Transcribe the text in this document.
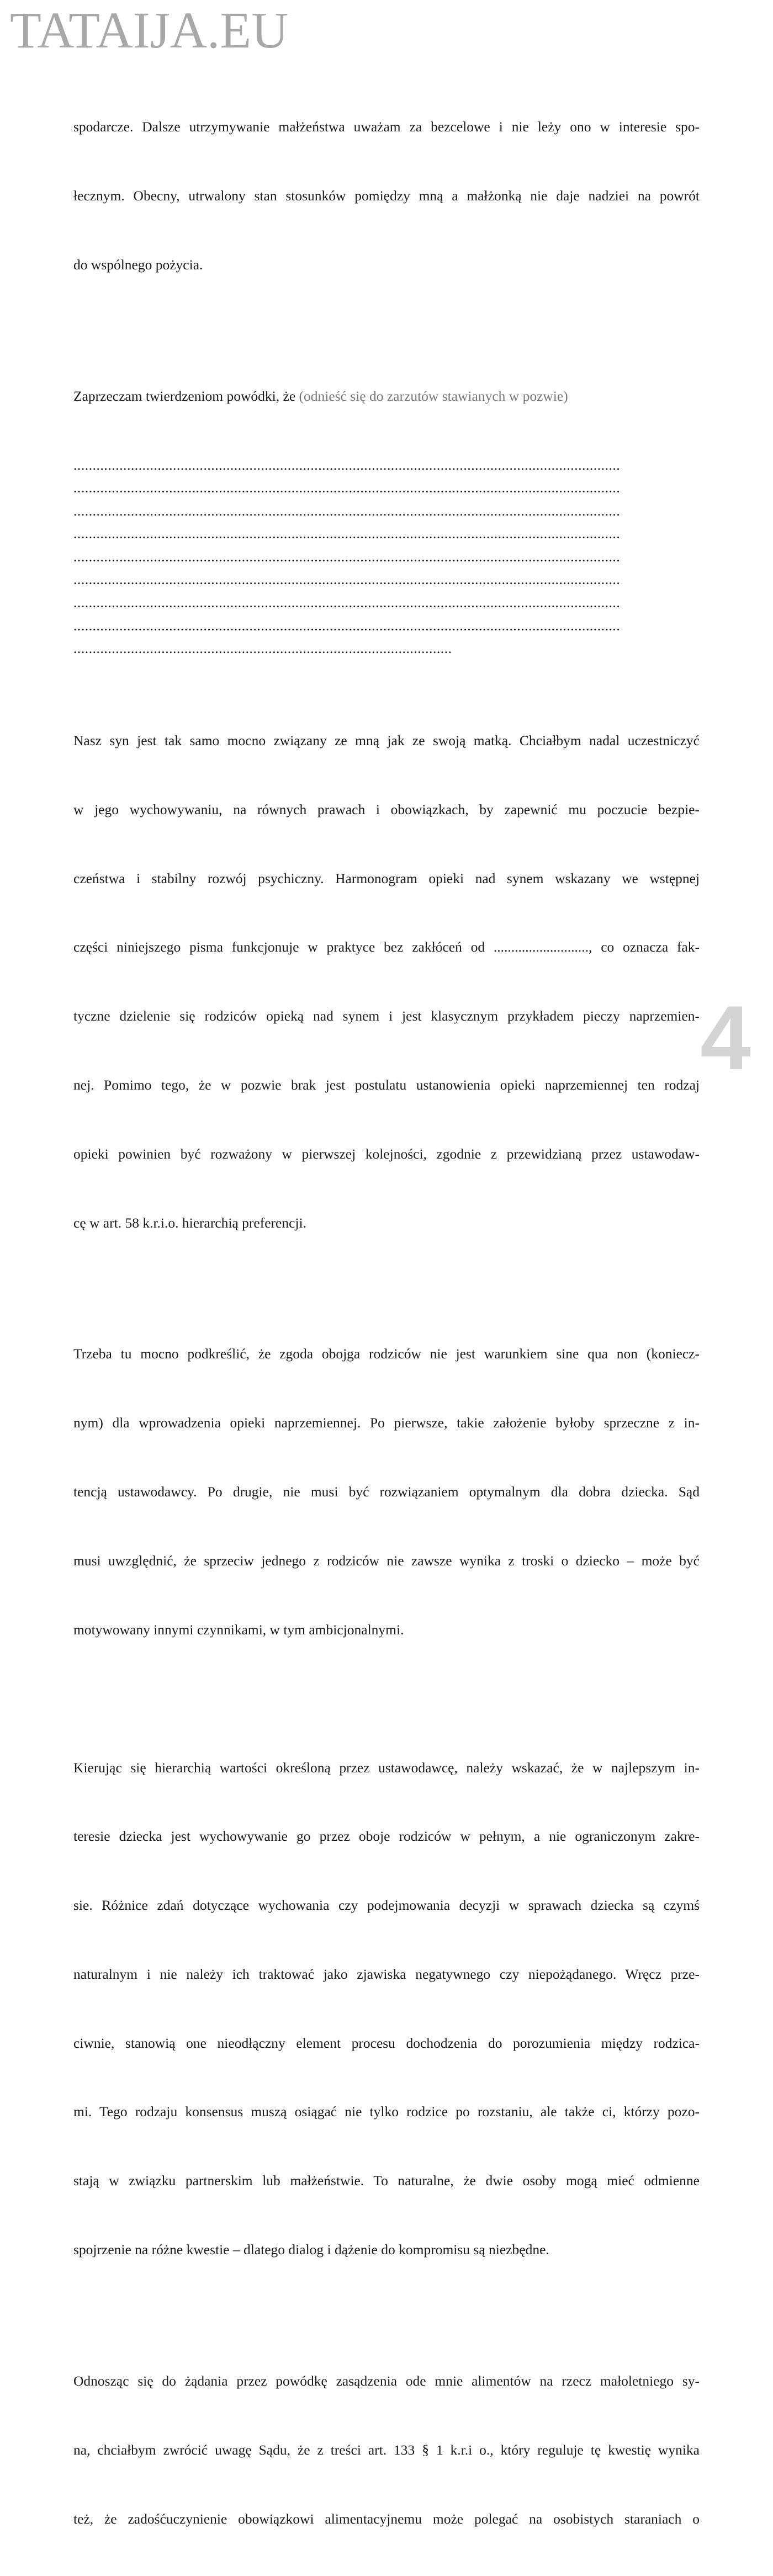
TATAIJA.EU

spodarcze. Dalsze utrzymywanie małżeństwa uważam za bezcelowe i nie leży ono w interesie spo-

łecznym. Obecny, utrwalony stan stosunków pomiędzy mną a małżonką nie daje nadziei na powrót

do wspólnego pożycia.

Zaprzeczam twierdzeniom powódki, że (odnieść się do zarzutów stawianych w pozwie)

...............................................................................................................................................
...............................................................................................................................................
...............................................................................................................................................
...............................................................................................................................................
...............................................................................................................................................
...............................................................................................................................................
...............................................................................................................................................
...............................................................................................................................................
...................................................................................................

Nasz syn jest tak samo mocno związany ze mną jak ze swoją matką. Chciałbym nadal uczestniczyć

w jego wychowywaniu, na równych prawach i obowiązkach, by zapewnić mu poczucie bezpie-

czeństwa i stabilny rozwój psychiczny. Harmonogram opieki nad synem wskazany we wstępnej

części niniejszego pisma funkcjonuje w praktyce bez zakłóceń od ..........................., co oznacza fak-

tyczne dzielenie się rodziców opieką nad synem i jest klasycznym przykładem pieczy naprzemien-

nej. Pomimo tego, że w pozwie brak jest postulatu ustanowienia opieki naprzemiennej ten rodzaj

opieki powinien być rozważony w pierwszej kolejności, zgodnie z przewidzianą przez ustawodaw-

cę w art. 58 k.r.i.o. hierarchią preferencji.

Trzeba tu mocno podkreślić, że zgoda obojga rodziców nie jest warunkiem sine qua non (koniecz-

nym) dla wprowadzenia opieki naprzemiennej. Po pierwsze, takie założenie byłoby sprzeczne z in-

tencją ustawodawcy. Po drugie, nie musi być rozwiązaniem optymalnym dla dobra dziecka. Sąd

musi uwzględnić, że sprzeciw jednego z rodziców nie zawsze wynika z troski o dziecko – może być

motywowany innymi czynnikami, w tym ambicjonalnymi.

Kierując się hierarchią wartości określoną przez ustawodawcę, należy wskazać, że w najlepszym in-

teresie dziecka jest wychowywanie go przez oboje rodziców w pełnym, a nie ograniczonym zakre-

sie. Różnice zdań dotyczące wychowania czy podejmowania decyzji w sprawach dziecka są czymś

naturalnym i nie należy ich traktować jako zjawiska negatywnego czy niepożądanego. Wręcz prze-

ciwnie, stanowią one nieodłączny element procesu dochodzenia do porozumienia między rodzica-

mi. Tego rodzaju konsensus muszą osiągać nie tylko rodzice po rozstaniu, ale także ci, którzy pozo-

stają w związku partnerskim lub małżeństwie. To naturalne, że dwie osoby mogą mieć odmienne

spojrzenie na różne kwestie – dlatego dialog i dążenie do kompromisu są niezbędne.

Odnosząc się do żądania przez powódkę zasądzenia ode mnie alimentów na rzecz małoletniego sy-

na, chciałbym zwrócić uwagę Sądu, że z treści art. 133 § 1 k.r.i o., który reguluje tę kwestię wynika

też, że zadośćuczynienie obowiązkowi alimentacyjnemu może polegać na osobistych staraniach o

4
